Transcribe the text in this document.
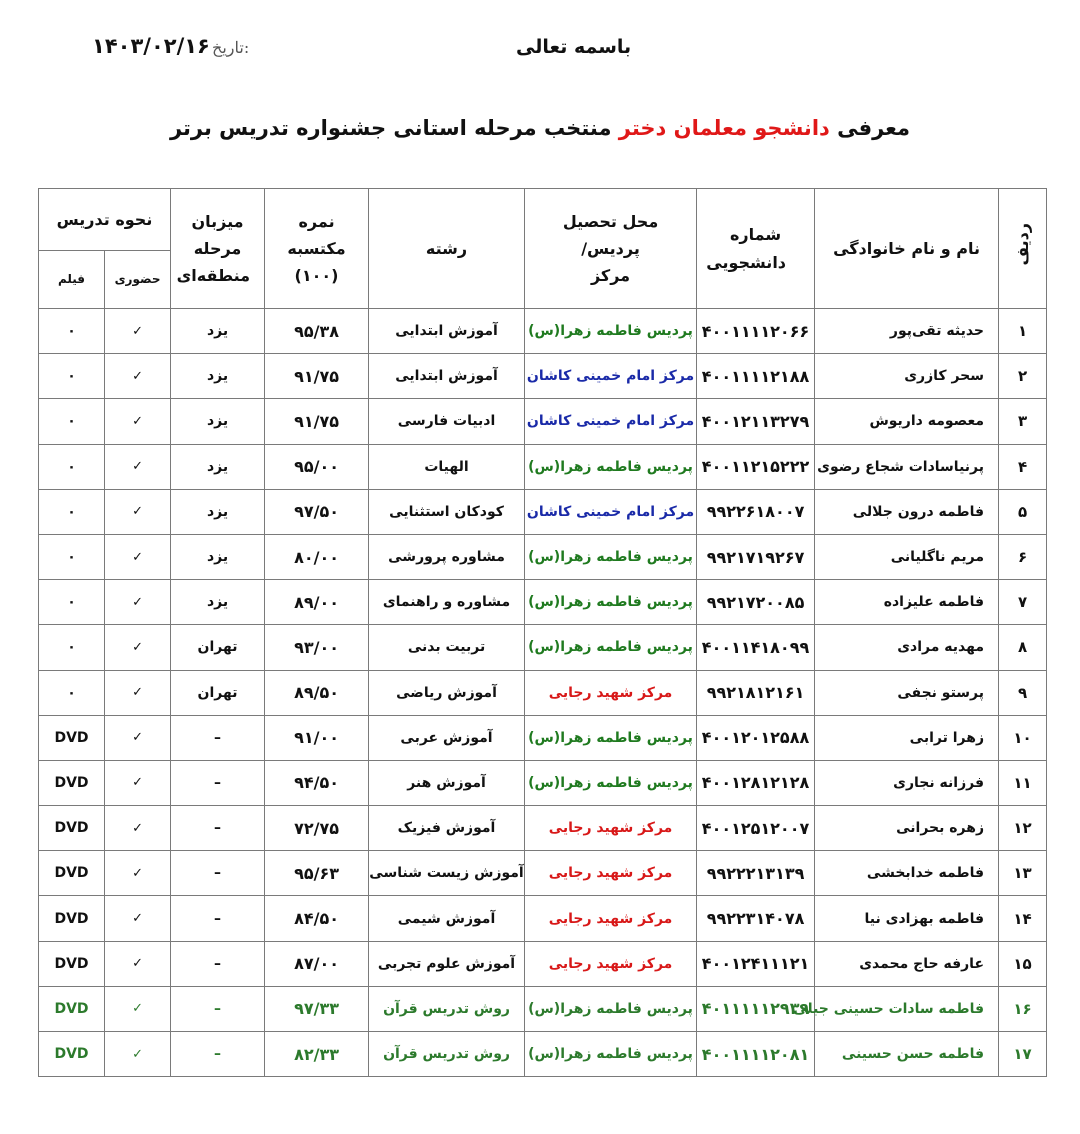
باسمه تعالی
تاریخ:
۱۴۰۳/۰۲/۱۶
معرفی دانشجو معلمان دختر منتخب مرحله استانی جشنواره تدریس برتر
ردیف	نام و نام خانوادگی	شماره دانشجویی	محل تحصیل پردیس/ مرکز	رشته	نمره مکتسبه (۱۰۰)	میزبان مرحله منطقه‌ای	نحوه تدریس	
							حضوری	فیلم
۱	حدیثه تقی‌پور	۴۰۰۱۱۱۱۲۰۶۶	پردیس فاطمه زهرا(س)	آموزش ابتدایی	۹۵/۳۸	یزد	✓	۰
۲	سحر کازری	۴۰۰۱۱۱۱۲۱۸۸	مرکز امام خمینی کاشان	آموزش ابتدایی	۹۱/۷۵	یزد	✓	۰
۳	معصومه داریوش	۴۰۰۱۲۱۱۳۲۷۹	مرکز امام خمینی کاشان	ادبیات فارسی	۹۱/۷۵	یزد	✓	۰
۴	پرنیاسادات شجاع رضوی	۴۰۰۱۱۲۱۵۲۲۲	پردیس فاطمه زهرا(س)	الهیات	۹۵/۰۰	یزد	✓	۰
۵	فاطمه درون جلالی	۹۹۲۲۶۱۸۰۰۷	مرکز امام خمینی کاشان	کودکان استثنایی	۹۷/۵۰	یزد	✓	۰
۶	مریم ناگلیانی	۹۹۲۱۷۱۹۲۶۷	پردیس فاطمه زهرا(س)	مشاوره پرورشی	۸۰/۰۰	یزد	✓	۰
۷	فاطمه علیزاده	۹۹۲۱۷۲۰۰۸۵	پردیس فاطمه زهرا(س)	مشاوره و راهنمای	۸۹/۰۰	یزد	✓	۰
۸	مهدیه مرادی	۴۰۰۱۱۴۱۸۰۹۹	پردیس فاطمه زهرا(س)	تربیت بدنی	۹۳/۰۰	تهران	✓	۰
۹	پرستو نجفی	۹۹۲۱۸۱۲۱۶۱	مرکز شهید رجایی	آموزش ریاضی	۸۹/۵۰	تهران	✓	۰
۱۰	زهرا ترابی	۴۰۰۱۲۰۱۲۵۸۸	پردیس فاطمه زهرا(س)	آموزش عربی	۹۱/۰۰	–	✓	DVD
۱۱	فرزانه نجاری	۴۰۰۱۲۸۱۲۱۲۸	پردیس فاطمه زهرا(س)	آموزش هنر	۹۴/۵۰	–	✓	DVD
۱۲	زهره بحرانی	۴۰۰۱۲۵۱۲۰۰۷	مرکز شهید رجایی	آموزش فیزیک	۷۲/۷۵	–	✓	DVD
۱۳	فاطمه خدابخشی	۹۹۲۲۲۱۳۱۳۹	مرکز شهید رجایی	آموزش زیست شناسی	۹۵/۶۳	–	✓	DVD
۱۴	فاطمه بهزادی نیا	۹۹۲۲۳۱۴۰۷۸	مرکز شهید رجایی	آموزش شیمی	۸۴/۵۰	–	✓	DVD
۱۵	عارفه حاج محمدی	۴۰۰۱۲۴۱۱۱۲۱	مرکز شهید رجایی	آموزش علوم تجربی	۸۷/۰۰	–	✓	DVD
۱۶	فاطمه سادات حسینی جبلی	۴۰۱۱۱۱۱۲۹۳۹	پردیس فاطمه زهرا(س)	روش تدریس قرآن	۹۷/۳۳	–	✓	DVD
۱۷	فاطمه حسن حسینی	۴۰۰۱۱۱۱۲۰۸۱	پردیس فاطمه زهرا(س)	روش تدریس قرآن	۸۲/۳۳	–	✓	DVD
